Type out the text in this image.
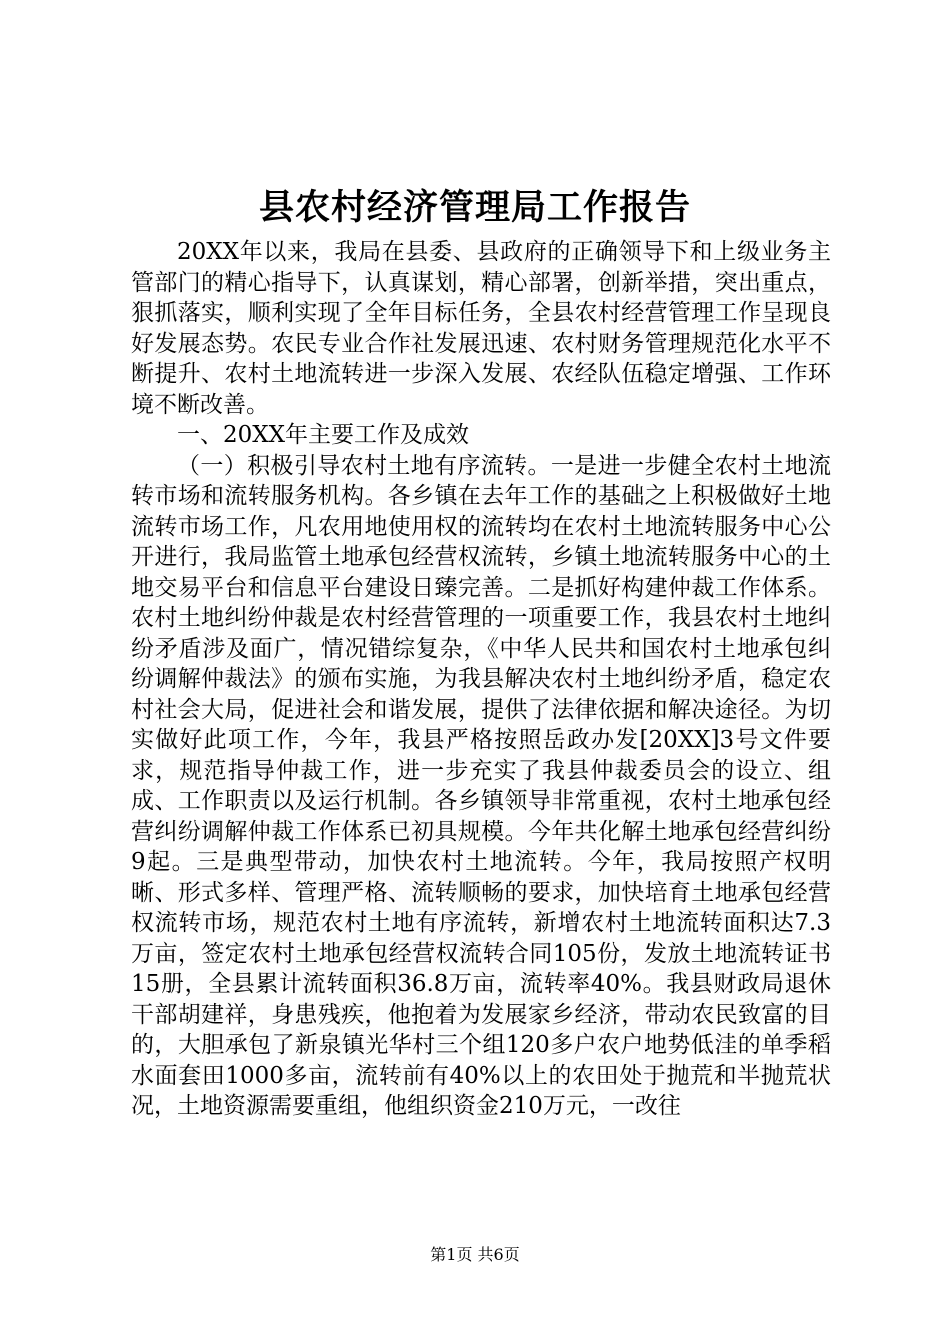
县农村经济管理局工作报告

20XX年以来，我局在县委、县政府的正确领导下和上级业务主管部门的精心指导下，认真谋划，精心部署，创新举措，突出重点，狠抓落实，顺利实现了全年目标任务，全县农村经营管理工作呈现良好发展态势。农民专业合作社发展迅速、农村财务管理规范化水平不断提升、农村土地流转进一步深入发展、农经队伍稳定增强、工作环境不断改善。

一、20XX年主要工作及成效

（一）积极引导农村土地有序流转。一是进一步健全农村土地流转市场和流转服务机构。各乡镇在去年工作的基础之上积极做好土地流转市场工作，凡农用地使用权的流转均在农村土地流转服务中心公开进行，我局监管土地承包经营权流转，乡镇土地流转服务中心的土地交易平台和信息平台建设日臻完善。二是抓好构建仲裁工作体系。农村土地纠纷仲裁是农村经营管理的一项重要工作，我县农村土地纠纷矛盾涉及面广，情况错综复杂，《中华人民共和国农村土地承包纠纷调解仲裁法》的颁布实施，为我县解决农村土地纠纷矛盾，稳定农村社会大局，促进社会和谐发展，提供了法律依据和解决途径。为切实做好此项工作，今年，我县严格按照岳政办发[20XX]3号文件要求，规范指导仲裁工作，进一步充实了我县仲裁委员会的设立、组成、工作职责以及运行机制。各乡镇领导非常重视，农村土地承包经营纠纷调解仲裁工作体系已初具规模。今年共化解土地承包经营纠纷9起。三是典型带动，加快农村土地流转。今年，我局按照产权明晰、形式多样、管理严格、流转顺畅的要求，加快培育土地承包经营权流转市场，规范农村土地有序流转，新增农村土地流转面积达7.3万亩，签定农村土地承包经营权流转合同105份，发放土地流转证书15册，全县累计流转面积36.8万亩，流转率40%。我县财政局退休干部胡建祥，身患残疾，他抱着为发展家乡经济，带动农民致富的目的，大胆承包了新泉镇光华村三个组120多户农户地势低洼的单季稻水面套田1000多亩，流转前有40%以上的农田处于抛荒和半抛荒状况，土地资源需要重组，他组织资金210万元，一改往

第1页 共6页
